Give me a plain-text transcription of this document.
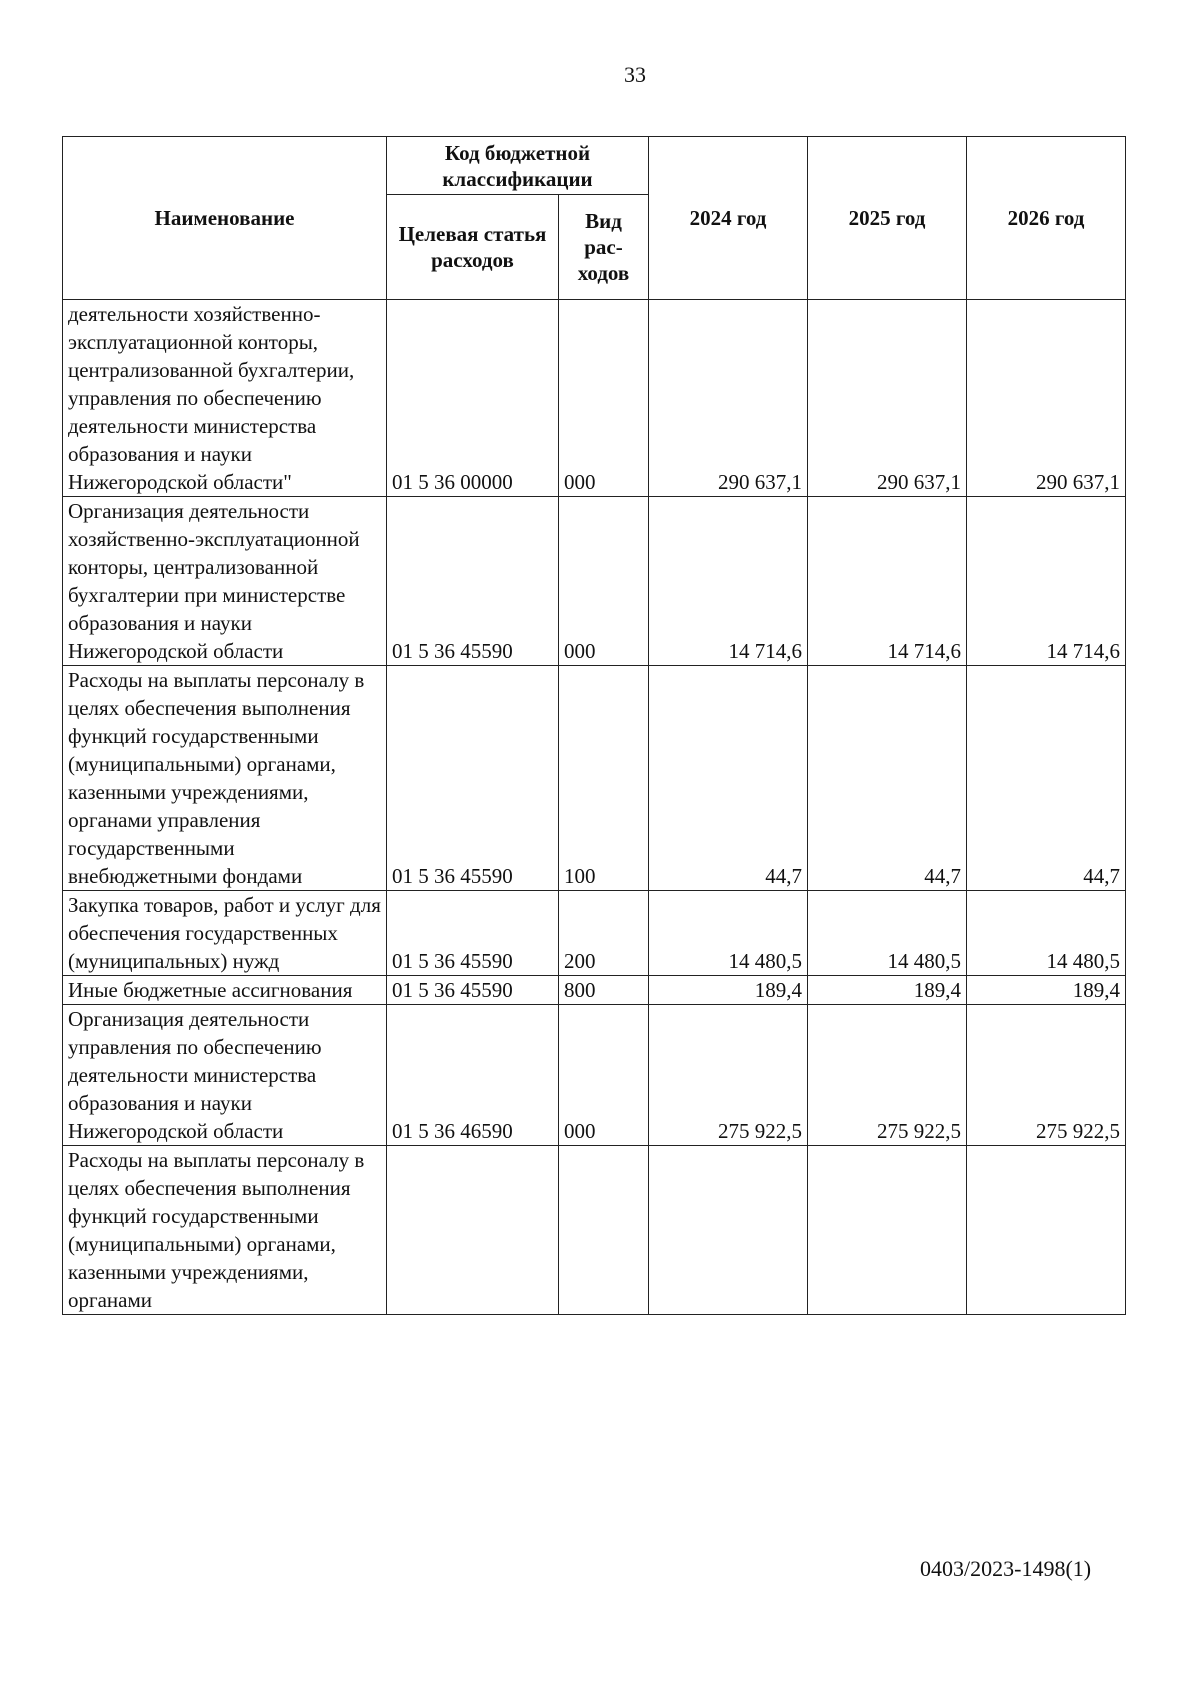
33
Наименование	Код бюджетной классификации		2024 год	2025 год	2026 год
	Целевая статья расходов	Вид рас-ходов			
деятельности хозяйственно-эксплуатационной конторы, централизованной бухгалтерии, управления по обеспечению деятельности министерства образования и науки Нижегородской области"	01 5 36 00000	000	290 637,1	290 637,1	290 637,1
Организация деятельности хозяйственно-эксплуатационной конторы, централизованной бухгалтерии при министерстве образования и науки Нижегородской области	01 5 36 45590	000	14 714,6	14 714,6	14 714,6
Расходы на выплаты персоналу в целях обеспечения выполнения функций государственными (муниципальными) органами, казенными учреждениями, органами управления государственными внебюджетными фондами	01 5 36 45590	100	44,7	44,7	44,7
Закупка товаров, работ и услуг для обеспечения государственных (муниципальных) нужд	01 5 36 45590	200	14 480,5	14 480,5	14 480,5
Иные бюджетные ассигнования	01 5 36 45590	800	189,4	189,4	189,4
Организация деятельности управления по обеспечению деятельности министерства образования и науки Нижегородской области	01 5 36 46590	000	275 922,5	275 922,5	275 922,5
Расходы на выплаты персоналу в целях обеспечения выполнения функций государственными (муниципальными) органами, казенными учреждениями, органами					
0403/2023-1498(1)
